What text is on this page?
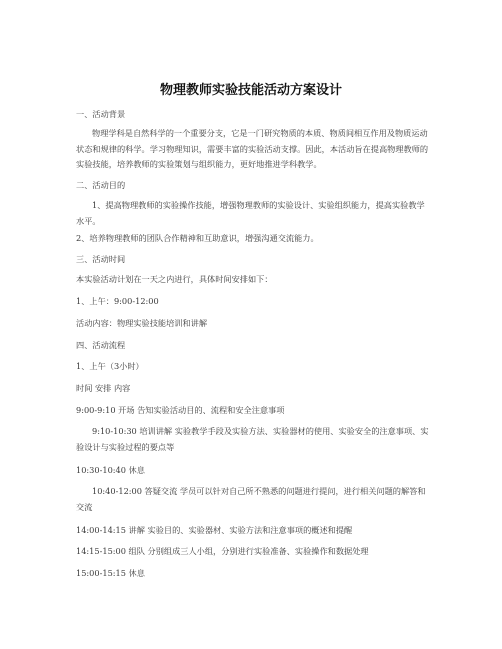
物理教师实验技能活动方案设计
一、活动背景
物理学科是自然科学的一个重要分支，它是一门研究物质的本质、物质间相互作用及物质运动状态和规律的科学。学习物理知识，需要丰富的实验活动支撑。因此，本活动旨在提高物理教师的实验技能，培养教师的实验策划与组织能力，更好地推进学科教学。
二、活动目的
1、提高物理教师的实验操作技能，增强物理教师的实验设计、实验组织能力，提高实验教学水平。
2、培养物理教师的团队合作精神和互助意识，增强沟通交流能力。
三、活动时间
本实验活动计划在一天之内进行，具体时间安排如下：
1、上午：9:00-12:00
活动内容：物理实验技能培训和讲解
四、活动流程
1、上午（3小时）
时间 安排 内容
9:00-9:10 开场 告知实验活动目的、流程和安全注意事项
9:10-10:30 培训讲解 实验教学手段及实验方法、实验器材的使用、实验安全的注意事项、实验设计与实验过程的要点等
10:30-10:40 休息
10:40-12:00 答疑交流 学员可以针对自己所不熟悉的问题进行提问，进行相关问题的解答和交流
14:00-14:15 讲解 实验目的、实验器材、实验方法和注意事项的概述和提醒
14:15-15:00 组队 分别组成三人小组，分别进行实验准备、实验操作和数据处理
15:00-15:15 休息
